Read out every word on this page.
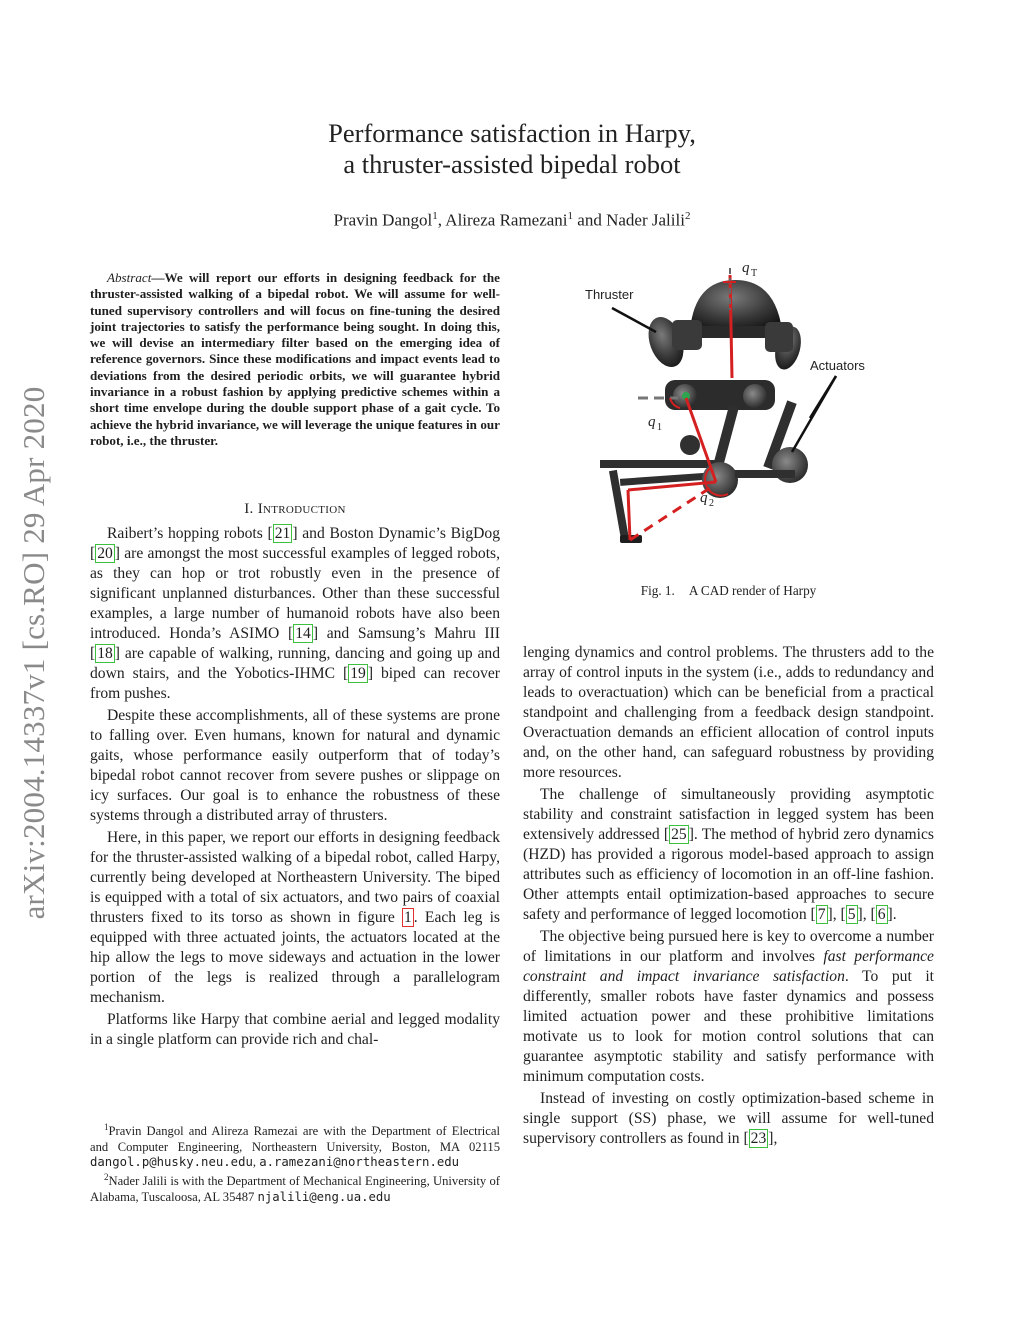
arXiv:2004.14337v1 [cs.RO] 29 Apr 2020
Performance satisfaction in Harpy,
a thruster-assisted bipedal robot
Pravin Dangol$^1$, Alireza Ramezani$^1$ and Nader Jalili$^2$

Abstract—We will report our efforts in designing feedback for the thruster-assisted walking of a bipedal robot. We will assume for well-tuned supervisory controllers and will focus on fine-tuning the desired joint trajectories to satisfy the performance being sought. In doing this, we will devise an intermediary filter based on the emerging idea of reference governors. Since these modifications and impact events lead to deviations from the desired periodic orbits, we will guarantee hybrid invariance in a robust fashion by applying predictive schemes within a short time envelope during the double support phase of a gait cycle. To achieve the hybrid invariance, we will leverage the unique features in our robot, i.e., the thruster.

I. Introduction

Raibert’s hopping robots [ 21 ] and Boston Dynamic’s BigDog [ 20 ] are amongst the most successful examples of legged robots, as they can hop or trot robustly even in the presence of significant unplanned disturbances. Other than these successful examples, a large number of humanoid robots have also been introduced. Honda’s ASIMO [ 14 ] and Samsung’s Mahru III [ 18 ] are capable of walking, running, dancing and going up and down stairs, and the Yobotics-IHMC [ 19 ] biped can recover from pushes.

Despite these accomplishments, all of these systems are prone to falling over. Even humans, known for natural and dynamic gaits, whose performance easily outperform that of today’s bipedal robot cannot recover from severe pushes or slippage on icy surfaces. Our goal is to enhance the robustness of these systems through a distributed array of thrusters.

Here, in this paper, we report our efforts in designing feedback for the thruster-assisted walking of a bipedal robot, called Harpy, currently being developed at Northeastern University. The biped is equipped with a total of six actuators, and two pairs of coaxial thrusters fixed to its torso as shown in figure 1 . Each leg is equipped with three actuated joints, the actuators located at the hip allow the legs to move sideways and actuation in the lower portion of the legs is realized through a parallelogram mechanism.

Platforms like Harpy that combine aerial and legged modality in a single platform can provide rich and chal-

$^1$Pravin Dangol and Alireza Ramezai are with the Department of Electrical and Computer Engineering, Northeastern University, Boston, MA 02115 dangol.p@husky.neu.edu, a.ramezani@northeastern.edu

$^2$Nader Jalili is with the Department of Mechanical Engineering, University of Alabama, Tuscaloosa, AL 35487 njalili@eng.ua.edu

Thruster
Actuators
q T
q 1
q 2
Fig. 1. A CAD render of Harpy

lenging dynamics and control problems. The thrusters add to the array of control inputs in the system (i.e., adds to redundancy and leads to overactuation) which can be beneficial from a practical standpoint and challenging from a feedback design standpoint. Overactuation demands an efficient allocation of control inputs and, on the other hand, can safeguard robustness by providing more resources.

The challenge of simultaneously providing asymptotic stability and constraint satisfaction in legged system has been extensively addressed [ 25 ]. The method of hybrid zero dynamics (HZD) has provided a rigorous model-based approach to assign attributes such as efficiency of locomotion in an off-line fashion. Other attempts entail optimization-based approaches to secure safety and performance of legged locomotion [ 7 ], [ 5 ], [ 6 ].

The objective being pursued here is key to overcome a number of limitations in our platform and involves fast performance constraint and impact invariance satisfaction. To put it differently, smaller robots have faster dynamics and possess limited actuation power and these prohibitive limitations motivate us to look for motion control solutions that can guarantee asymptotic stability and satisfy performance with minimum computation costs.

Instead of investing on costly optimization-based scheme in single support (SS) phase, we will assume for well-tuned supervisory controllers as found in [ 23 ],
